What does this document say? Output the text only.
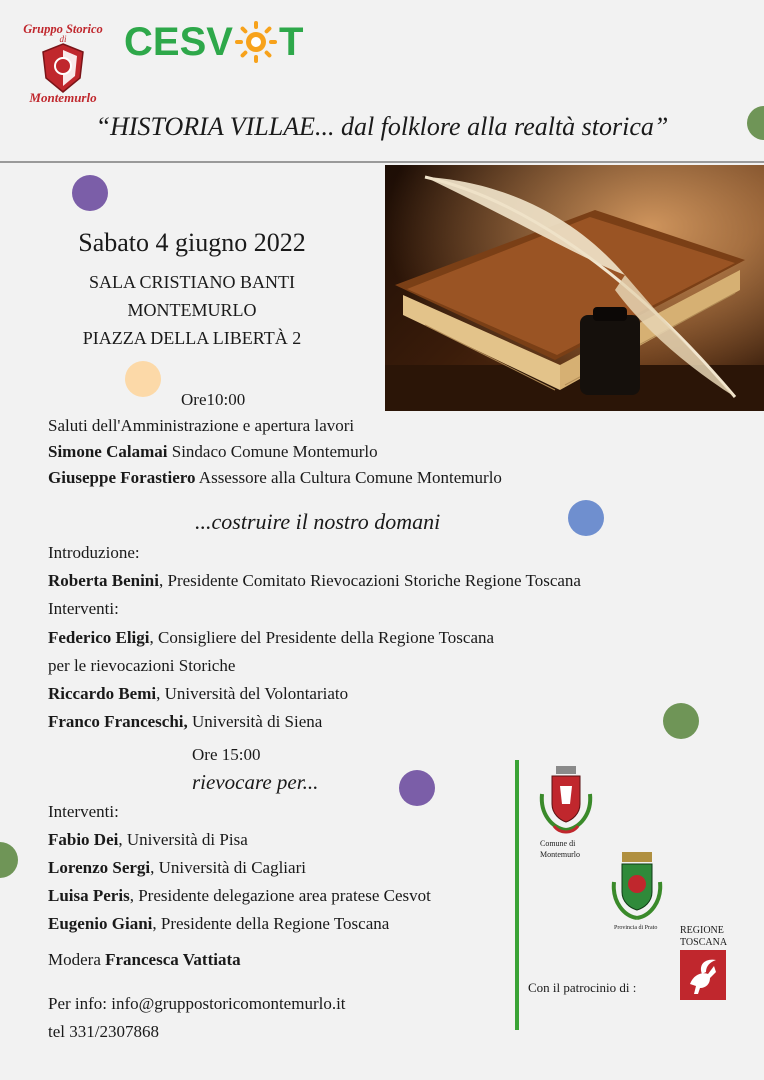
Gruppo Storico
di
Montemurlo
CESV T
“HISTORIA VILLAE... dal folklore alla realtà storica”
Sabato 4 giugno 2022
SALA CRISTIANO BANTI
MONTEMURLO
PIAZZA DELLA LIBERTÀ 2
Ore10:00
Saluti dell'Amministrazione e apertura lavori
Simone Calamai Sindaco Comune Montemurlo
Giuseppe Forastiero Assessore alla Cultura Comune Montemurlo
...costruire il nostro domani
Introduzione:
Roberta Benini, Presidente Comitato Rievocazioni Storiche Regione Toscana
Interventi:
Federico Eligi, Consigliere del Presidente della Regione Toscana
per le rievocazioni Storiche
Riccardo Bemi, Università del Volontariato
Franco Franceschi, Università di Siena
Ore 15:00
rievocare per...
Interventi:
Fabio Dei, Università di Pisa
Lorenzo Sergi, Università di Cagliari
Luisa Peris, Presidente delegazione area pratese Cesvot
Eugenio Giani, Presidente della Regione Toscana
Modera Francesca Vattiata
Per info: info@gruppostoricomontemurlo.it
tel 331/2307868
Comune di
Montemurlo
Provincia di Prato REGIONE
TOSCANA
Con il patrocinio di :
